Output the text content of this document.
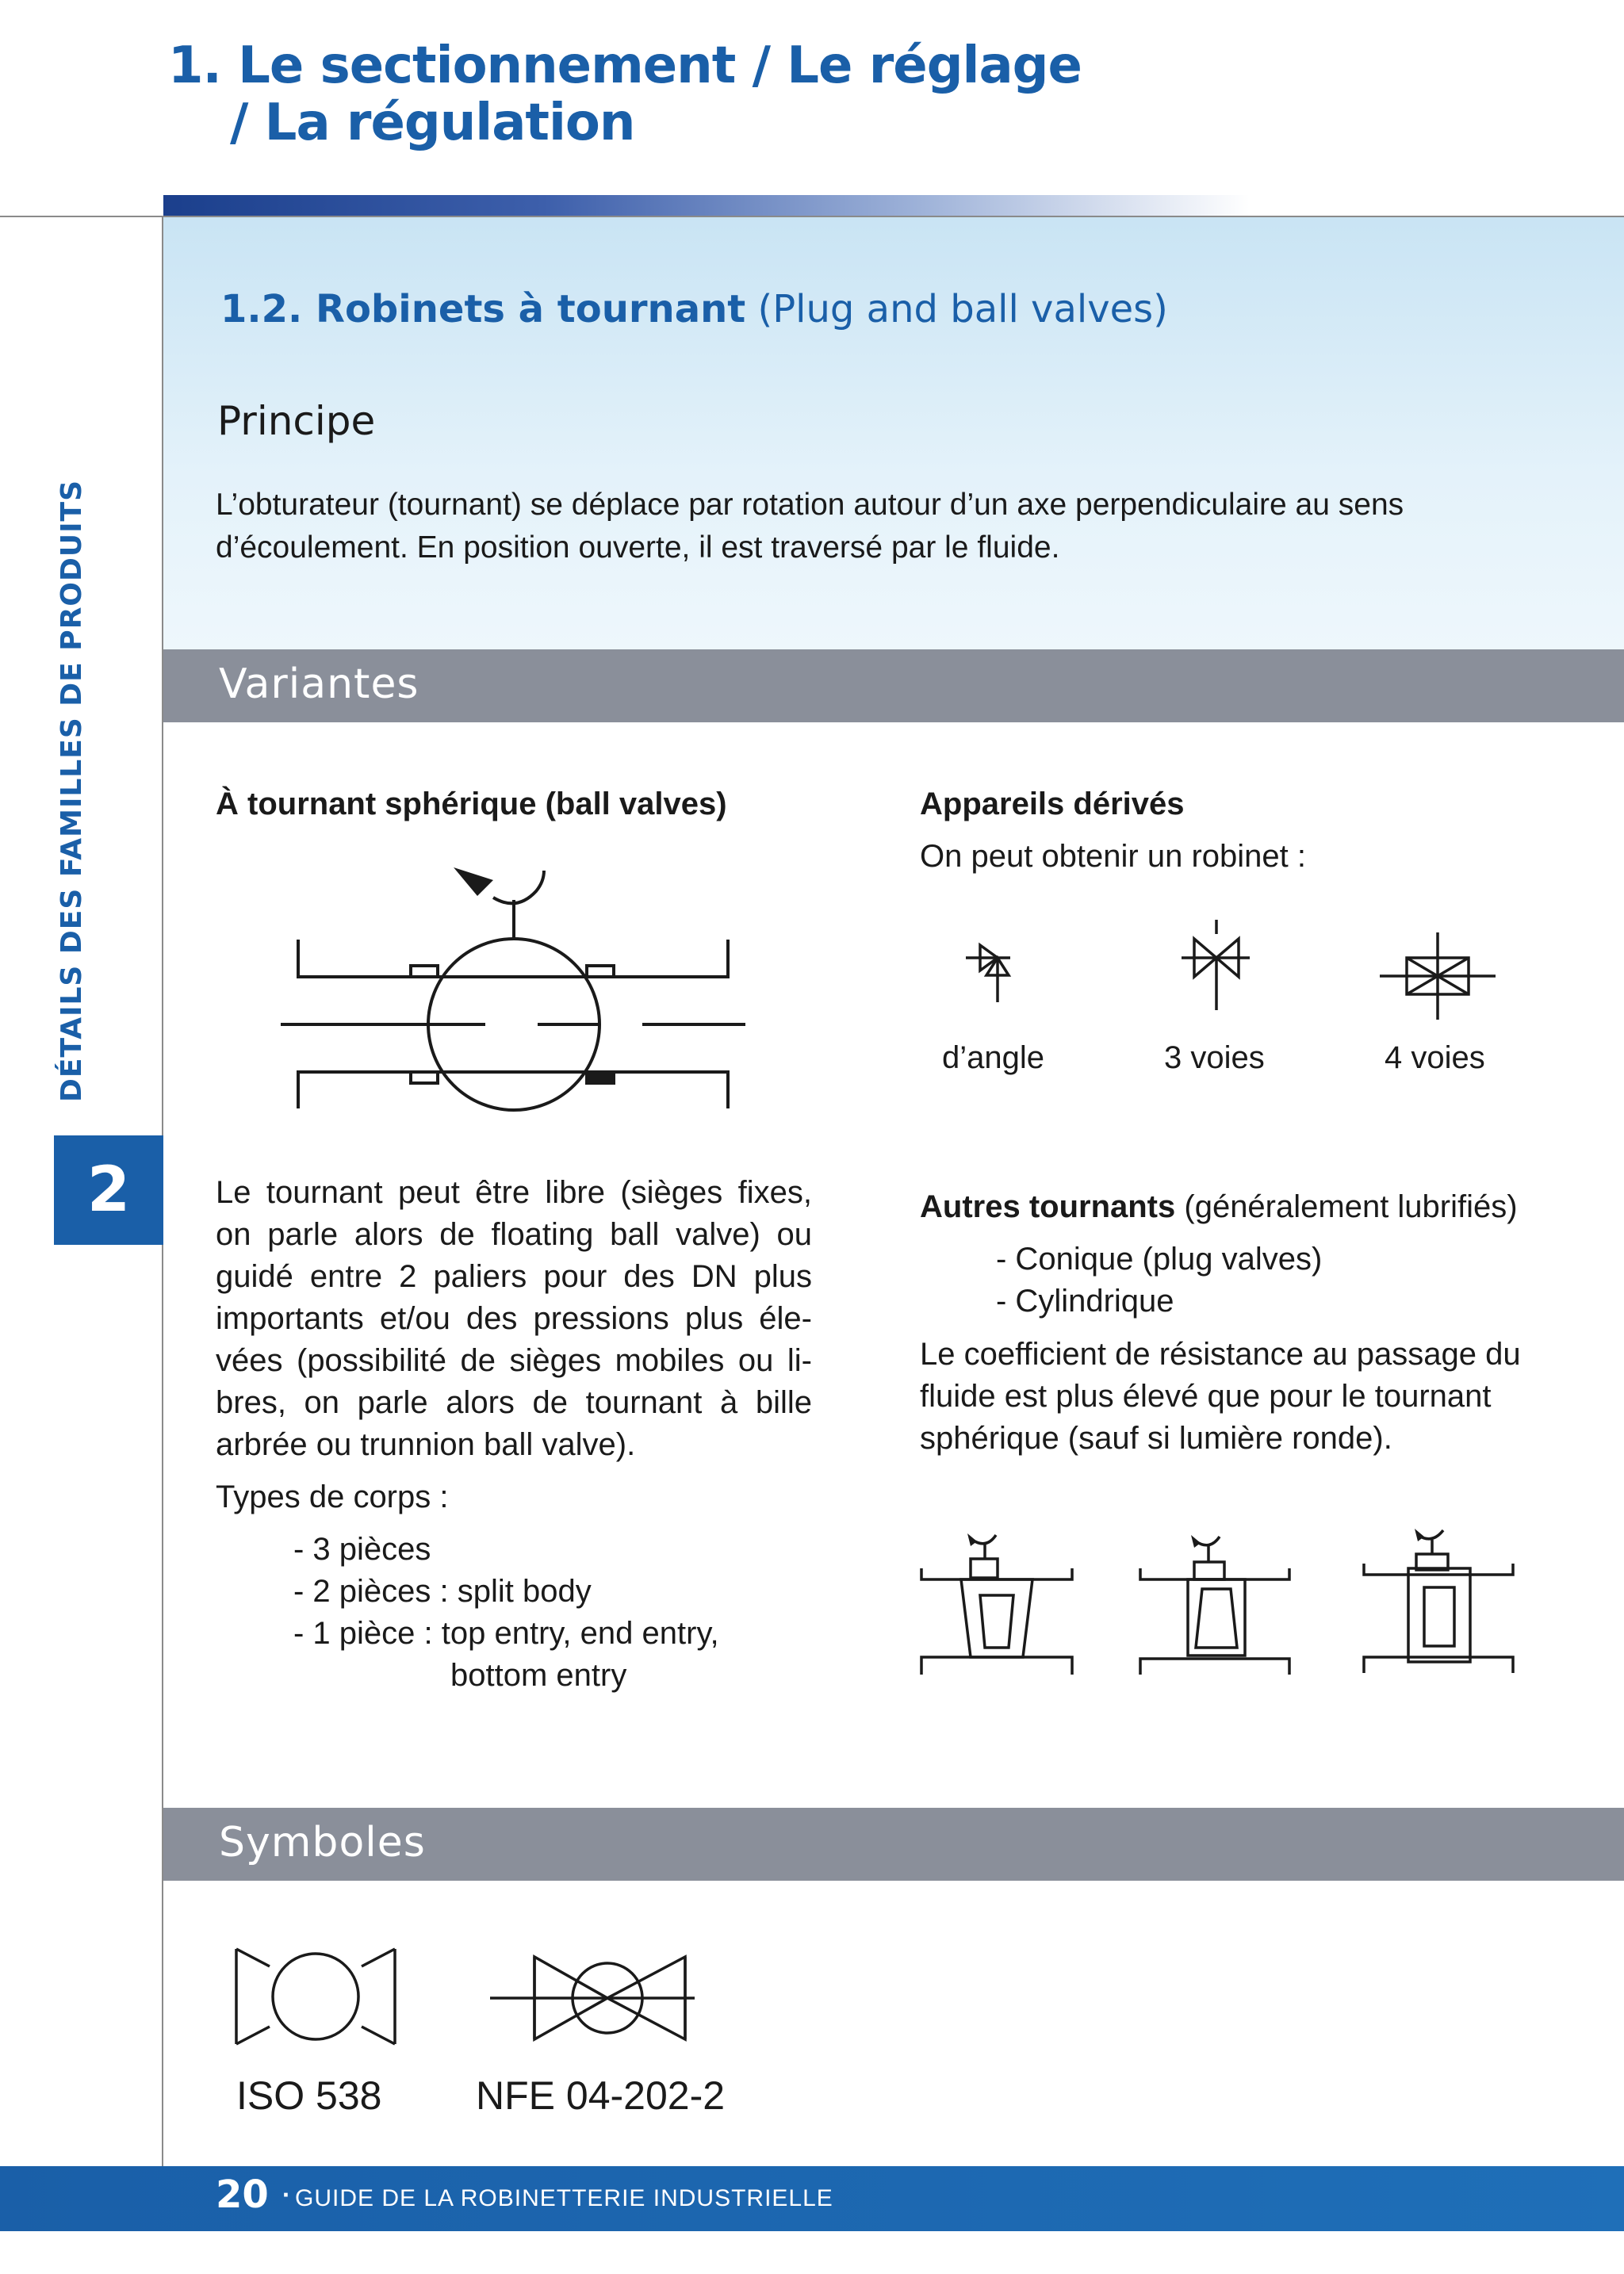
1. Le sectionnement / Le réglage
/ La régulation
DÉTAILS DES FAMILLES DE PRODUITS
2
1.2. Robinets à tournant (Plug and ball valves)
Principe
L’obturateur (tournant) se déplace par rotation autour d’un axe perpendiculaire au sens
d’écoulement. En position ouverte, il est traversé par le fluide.
Variantes
À tournant sphérique (ball valves)
Le tournant peut être libre (sièges fixes,
on parle alors de floating ball valve) ou
guidé entre 2 paliers pour des DN plus
importants et/ou des pressions plus éle-
vées (possibilité de sièges mobiles ou li-
bres, on parle alors de tournant à bille
arbrée ou trunnion ball valve).
Types de corps :
- 3 pièces
- 2 pièces : split body
- 1 pièce : top entry, end entry,
bottom entry
Appareils dérivés
On peut obtenir un robinet :
d’angle	3 voies	4 voies
Autres tournants (généralement lubrifiés)
- Conique (plug valves)
- Cylindrique
Le coefficient de résistance au passage du
fluide est plus élevé que pour le tournant
sphérique (sauf si lumière ronde).
Symboles
ISO 538 NFE 04-202-2
20 · GUIDE DE LA ROBINETTERIE INDUSTRIELLE
